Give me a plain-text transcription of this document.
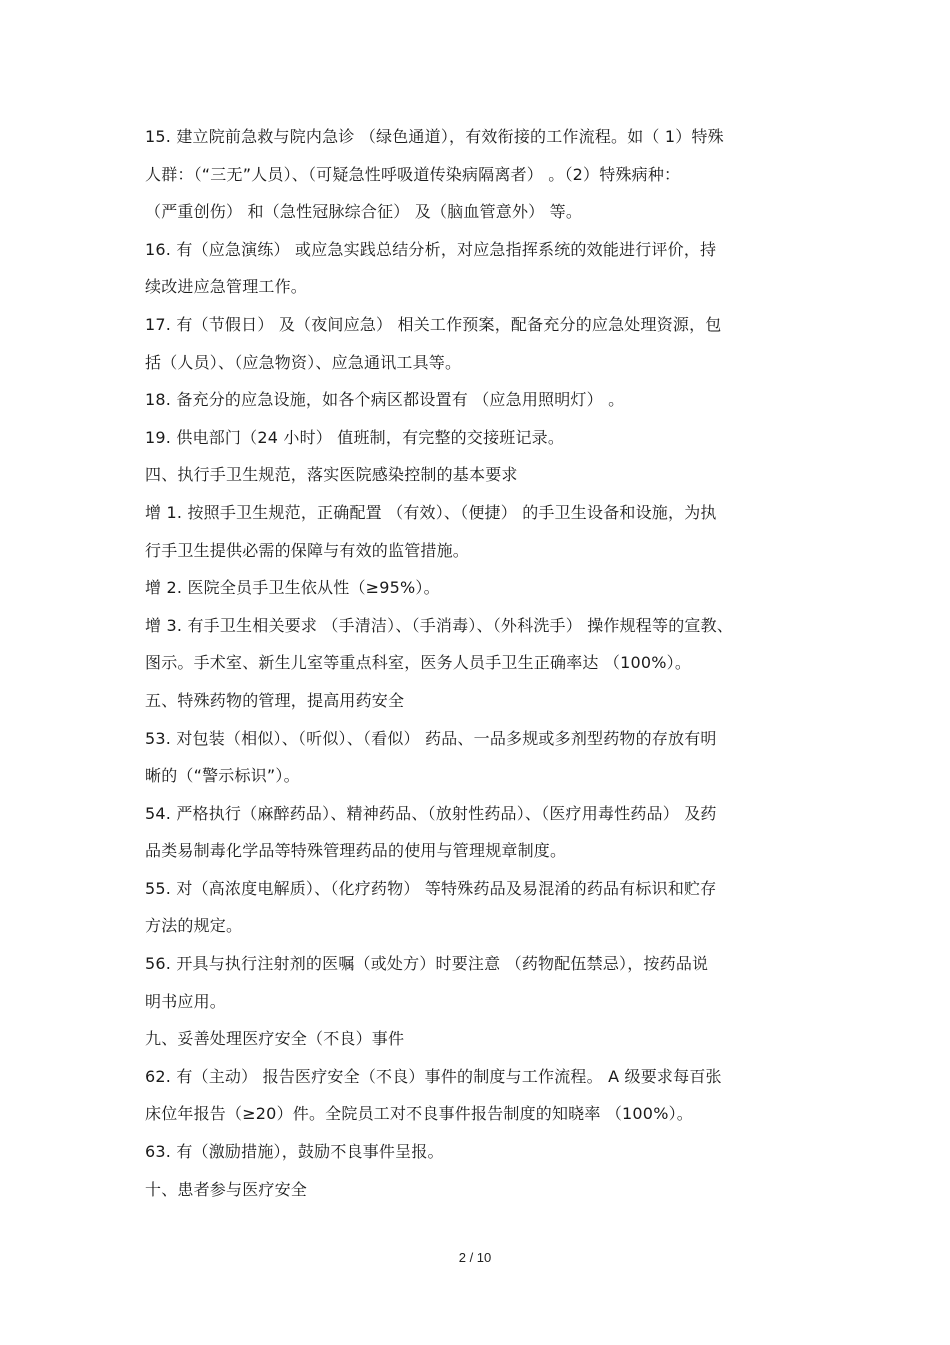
15. 建立院前急救与院内急诊 （绿色通道），有效衔接的工作流程。如（ 1）特殊
人群：（“三无”人员）、（可疑急性呼吸道传染病隔离者） 。（2）特殊病种：
（严重创伤） 和（急性冠脉综合征） 及（脑血管意外） 等。
16. 有（应急演练） 或应急实践总结分析，对应急指挥系统的效能进行评价，持
续改进应急管理工作。
17. 有（节假日） 及（夜间应急） 相关工作预案，配备充分的应急处理资源，包
括（人员）、（应急物资）、应急通讯工具等。
18. 备充分的应急设施，如各个病区都设置有 （应急用照明灯） 。
19. 供电部门（24 小时） 值班制，有完整的交接班记录。
四、执行手卫生规范，落实医院感染控制的基本要求
增 1. 按照手卫生规范，正确配置 （有效）、（便捷） 的手卫生设备和设施，为执
行手卫生提供必需的保障与有效的监管措施。
增 2. 医院全员手卫生依从性（≥95%）。
增 3. 有手卫生相关要求 （手清洁）、（手消毒）、（外科洗手） 操作规程等的宣教、
图示。手术室、新生儿室等重点科室，医务人员手卫生正确率达 （100%）。
五、特殊药物的管理，提高用药安全
53. 对包装（相似）、（听似）、（看似） 药品、一品多规或多剂型药物的存放有明
晰的（“警示标识”）。
54. 严格执行（麻醉药品）、精神药品、（放射性药品）、（医疗用毒性药品） 及药
品类易制毒化学品等特殊管理药品的使用与管理规章制度。
55. 对（高浓度电解质）、（化疗药物） 等特殊药品及易混淆的药品有标识和贮存
方法的规定。
56. 开具与执行注射剂的医嘱（或处方）时要注意 （药物配伍禁忌），按药品说
明书应用。
九、妥善处理医疗安全（不良）事件
62. 有（主动） 报告医疗安全（不良）事件的制度与工作流程。 A 级要求每百张
床位年报告（≥20）件。全院员工对不良事件报告制度的知晓率 （100%）。
63. 有（激励措施），鼓励不良事件呈报。
十、患者参与医疗安全
2 / 10
